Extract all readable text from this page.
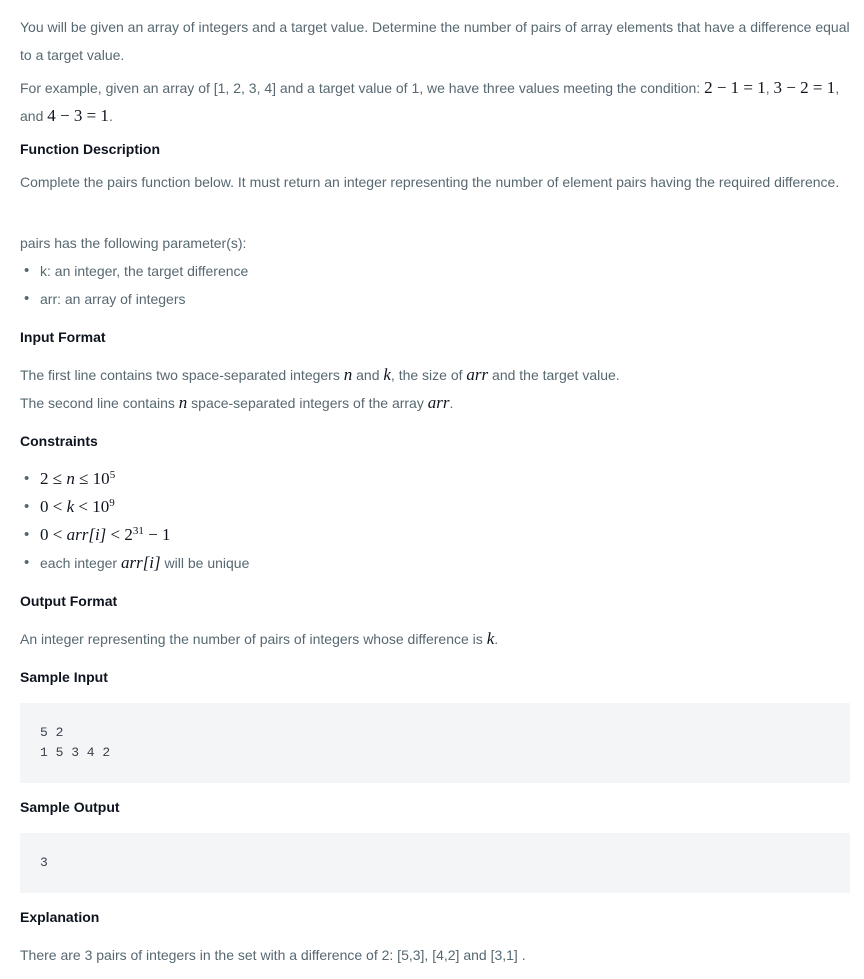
You will be given an array of integers and a target value. Determine the number of pairs of array elements that have a difference equal to a target value.

For example, given an array of [1, 2, 3, 4] and a target value of 1, we have three values meeting the condition: 2 − 1 = 1, 3 − 2 = 1, and 4 − 3 = 1.

Function Description

Complete the pairs function below. It must return an integer representing the number of element pairs having the required difference.

pairs has the following parameter(s):

• k: an integer, the target difference
• arr: an array of integers
Input Format

The first line contains two space-separated integers n and k, the size of arr and the target value.

The second line contains n space-separated integers of the array arr.

Constraints
• $2 \le n \le 10^5$
• $0 < k < 10^9$
• $0 < arr[i] < 2^{31} - 1$
• each integer arr[i] will be unique
Output Format

An integer representing the number of pairs of integers whose difference is k.

Sample Input
5 2
1 5 3 4 2
Sample Output
3
Explanation

There are 3 pairs of integers in the set with a difference of 2: [5,3], [4,2] and [3,1] .
